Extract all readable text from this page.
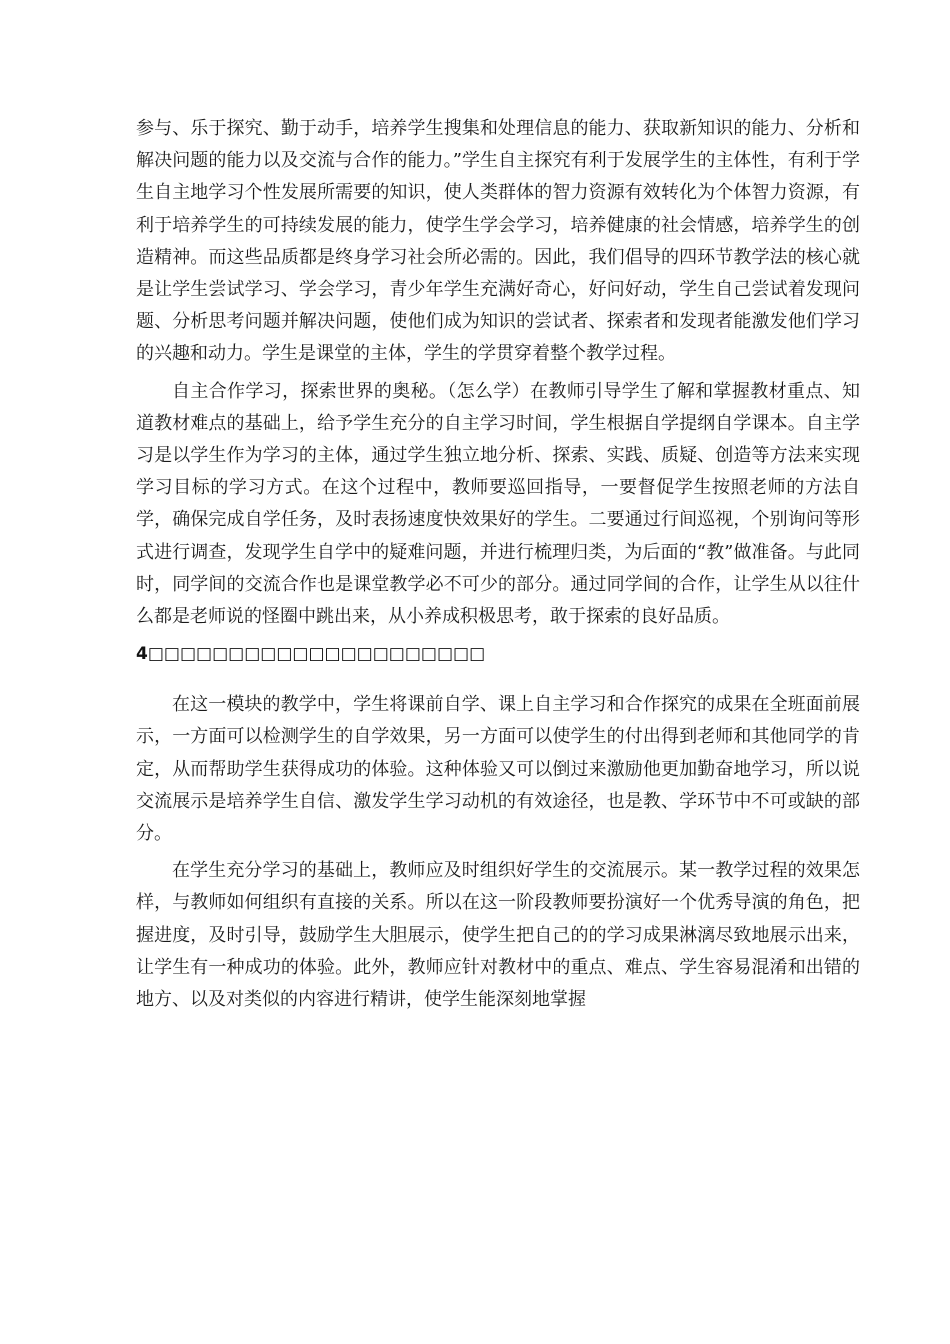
参与、乐于探究、勤于动手，培养学生搜集和处理信息的能力、获取新知识的能力、分析和解决问题的能力以及交流与合作的能力。”学生自主探究有利于发展学生的主体性，有利于学生自主地学习个性发展所需要的知识，使人类群体的智力资源有效转化为个体智力资源，有利于培养学生的可持续发展的能力，使学生学会学习，培养健康的社会情感，培养学生的创造精神。而这些品质都是终身学习社会所必需的。因此，我们倡导的四环节教学法的核心就是让学生尝试学习、学会学习，青少年学生充满好奇心，好问好动，学生自己尝试着发现问题、分析思考问题并解决问题，使他们成为知识的尝试者、探索者和发现者能激发他们学习的兴趣和动力。学生是课堂的主体，学生的学贯穿着整个教学过程。

自主合作学习，探索世界的奥秘。（怎么学）在教师引导学生了解和掌握教材重点、知道教材难点的基础上，给予学生充分的自主学习时间，学生根据自学提纲自学课本。自主学习是以学生作为学习的主体，通过学生独立地分析、探索、实践、质疑、创造等方法来实现学习目标的学习方式。在这个过程中，教师要巡回指导，一要督促学生按照老师的方法自学，确保完成自学任务，及时表扬速度快效果好的学生。二要通过行间巡视，个别询问等形式进行调查，发现学生自学中的疑难问题，并进行梳理归类，为后面的“教”做准备。与此同时，同学间的交流合作也是课堂教学必不可少的部分。通过同学间的合作，让学生从以往什么都是老师说的怪圈中跳出来，从小养成积极思考，敢于探索的良好品质。

4□□□□□□□□□□□□□□□□□□□□□

在这一模块的教学中，学生将课前自学、课上自主学习和合作探究的成果在全班面前展示，一方面可以检测学生的自学效果，另一方面可以使学生的付出得到老师和其他同学的肯定，从而帮助学生获得成功的体验。这种体验又可以倒过来激励他更加勤奋地学习，所以说交流展示是培养学生自信、激发学生学习动机的有效途径，也是教、学环节中不可或缺的部分。

在学生充分学习的基础上，教师应及时组织好学生的交流展示。某一教学过程的效果怎样，与教师如何组织有直接的关系。所以在这一阶段教师要扮演好一个优秀导演的角色，把握进度，及时引导，鼓励学生大胆展示，使学生把自己的的学习成果淋漓尽致地展示出来，让学生有一种成功的体验。此外，教师应针对教材中的重点、难点、学生容易混淆和出错的地方、以及对类似的内容进行精讲，使学生能深刻地掌握
